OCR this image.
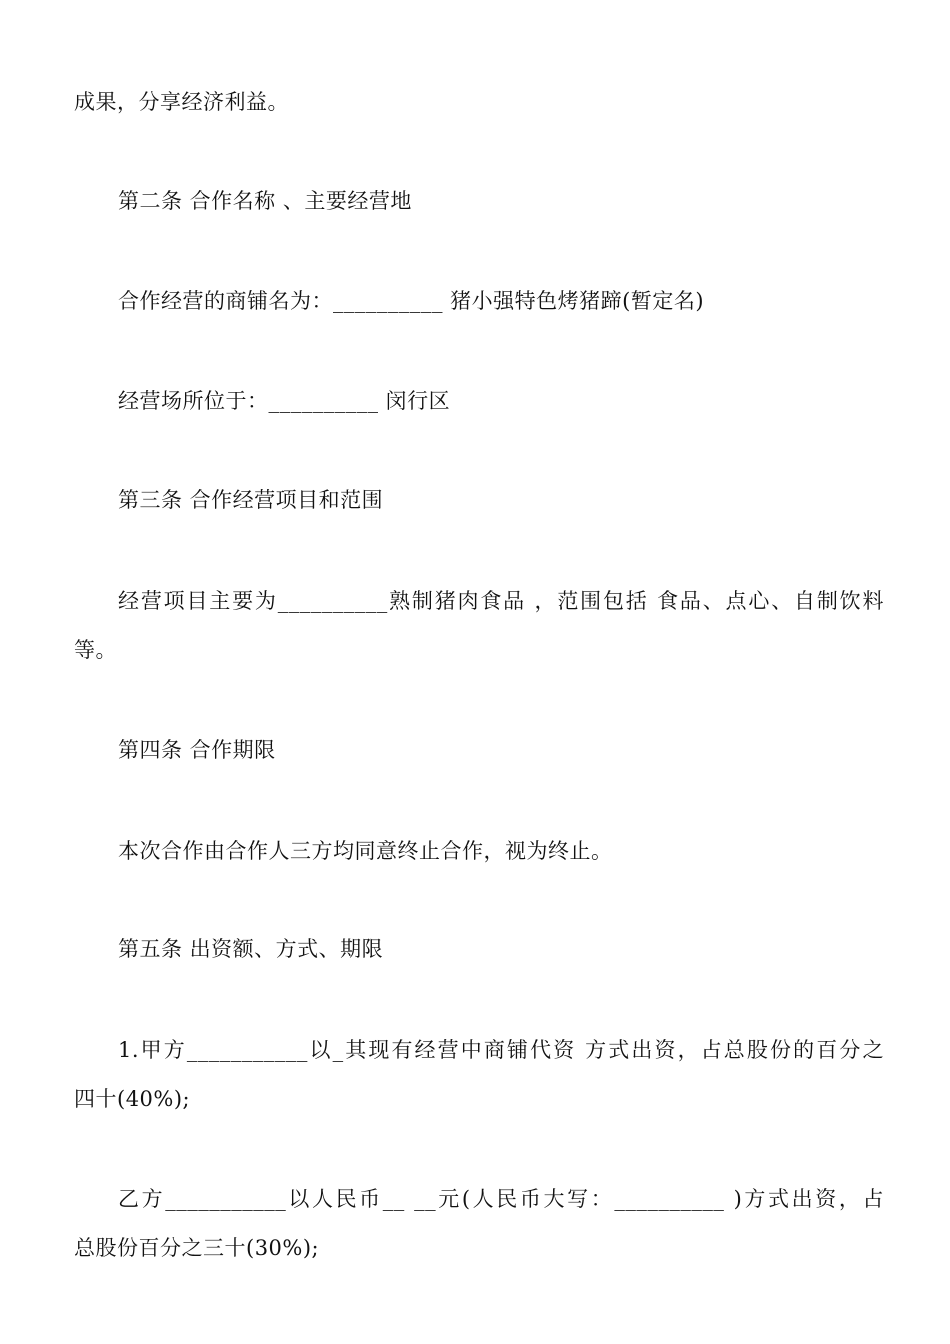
成果，分享经济利益。
第二条 合作名称 、主要经营地
合作经营的商铺名为：__________ 猪小强特色烤猪蹄(暂定名)
经营场所位于：__________ 闵行区
第三条 合作经营项目和范围
经营项目主要为__________熟制猪肉食品 ，范围包括 食品、点心、自制饮料
等。
第四条 合作期限
本次合作由合作人三方均同意终止合作，视为终止。
第五条 出资额、方式、期限
1.甲方___________以_其现有经营中商铺代资 方式出资，占总股份的百分之
四十(40%);
乙方___________以人民币__ __元(人民币大写：__________ )方式出资，占
总股份百分之三十(30%);
